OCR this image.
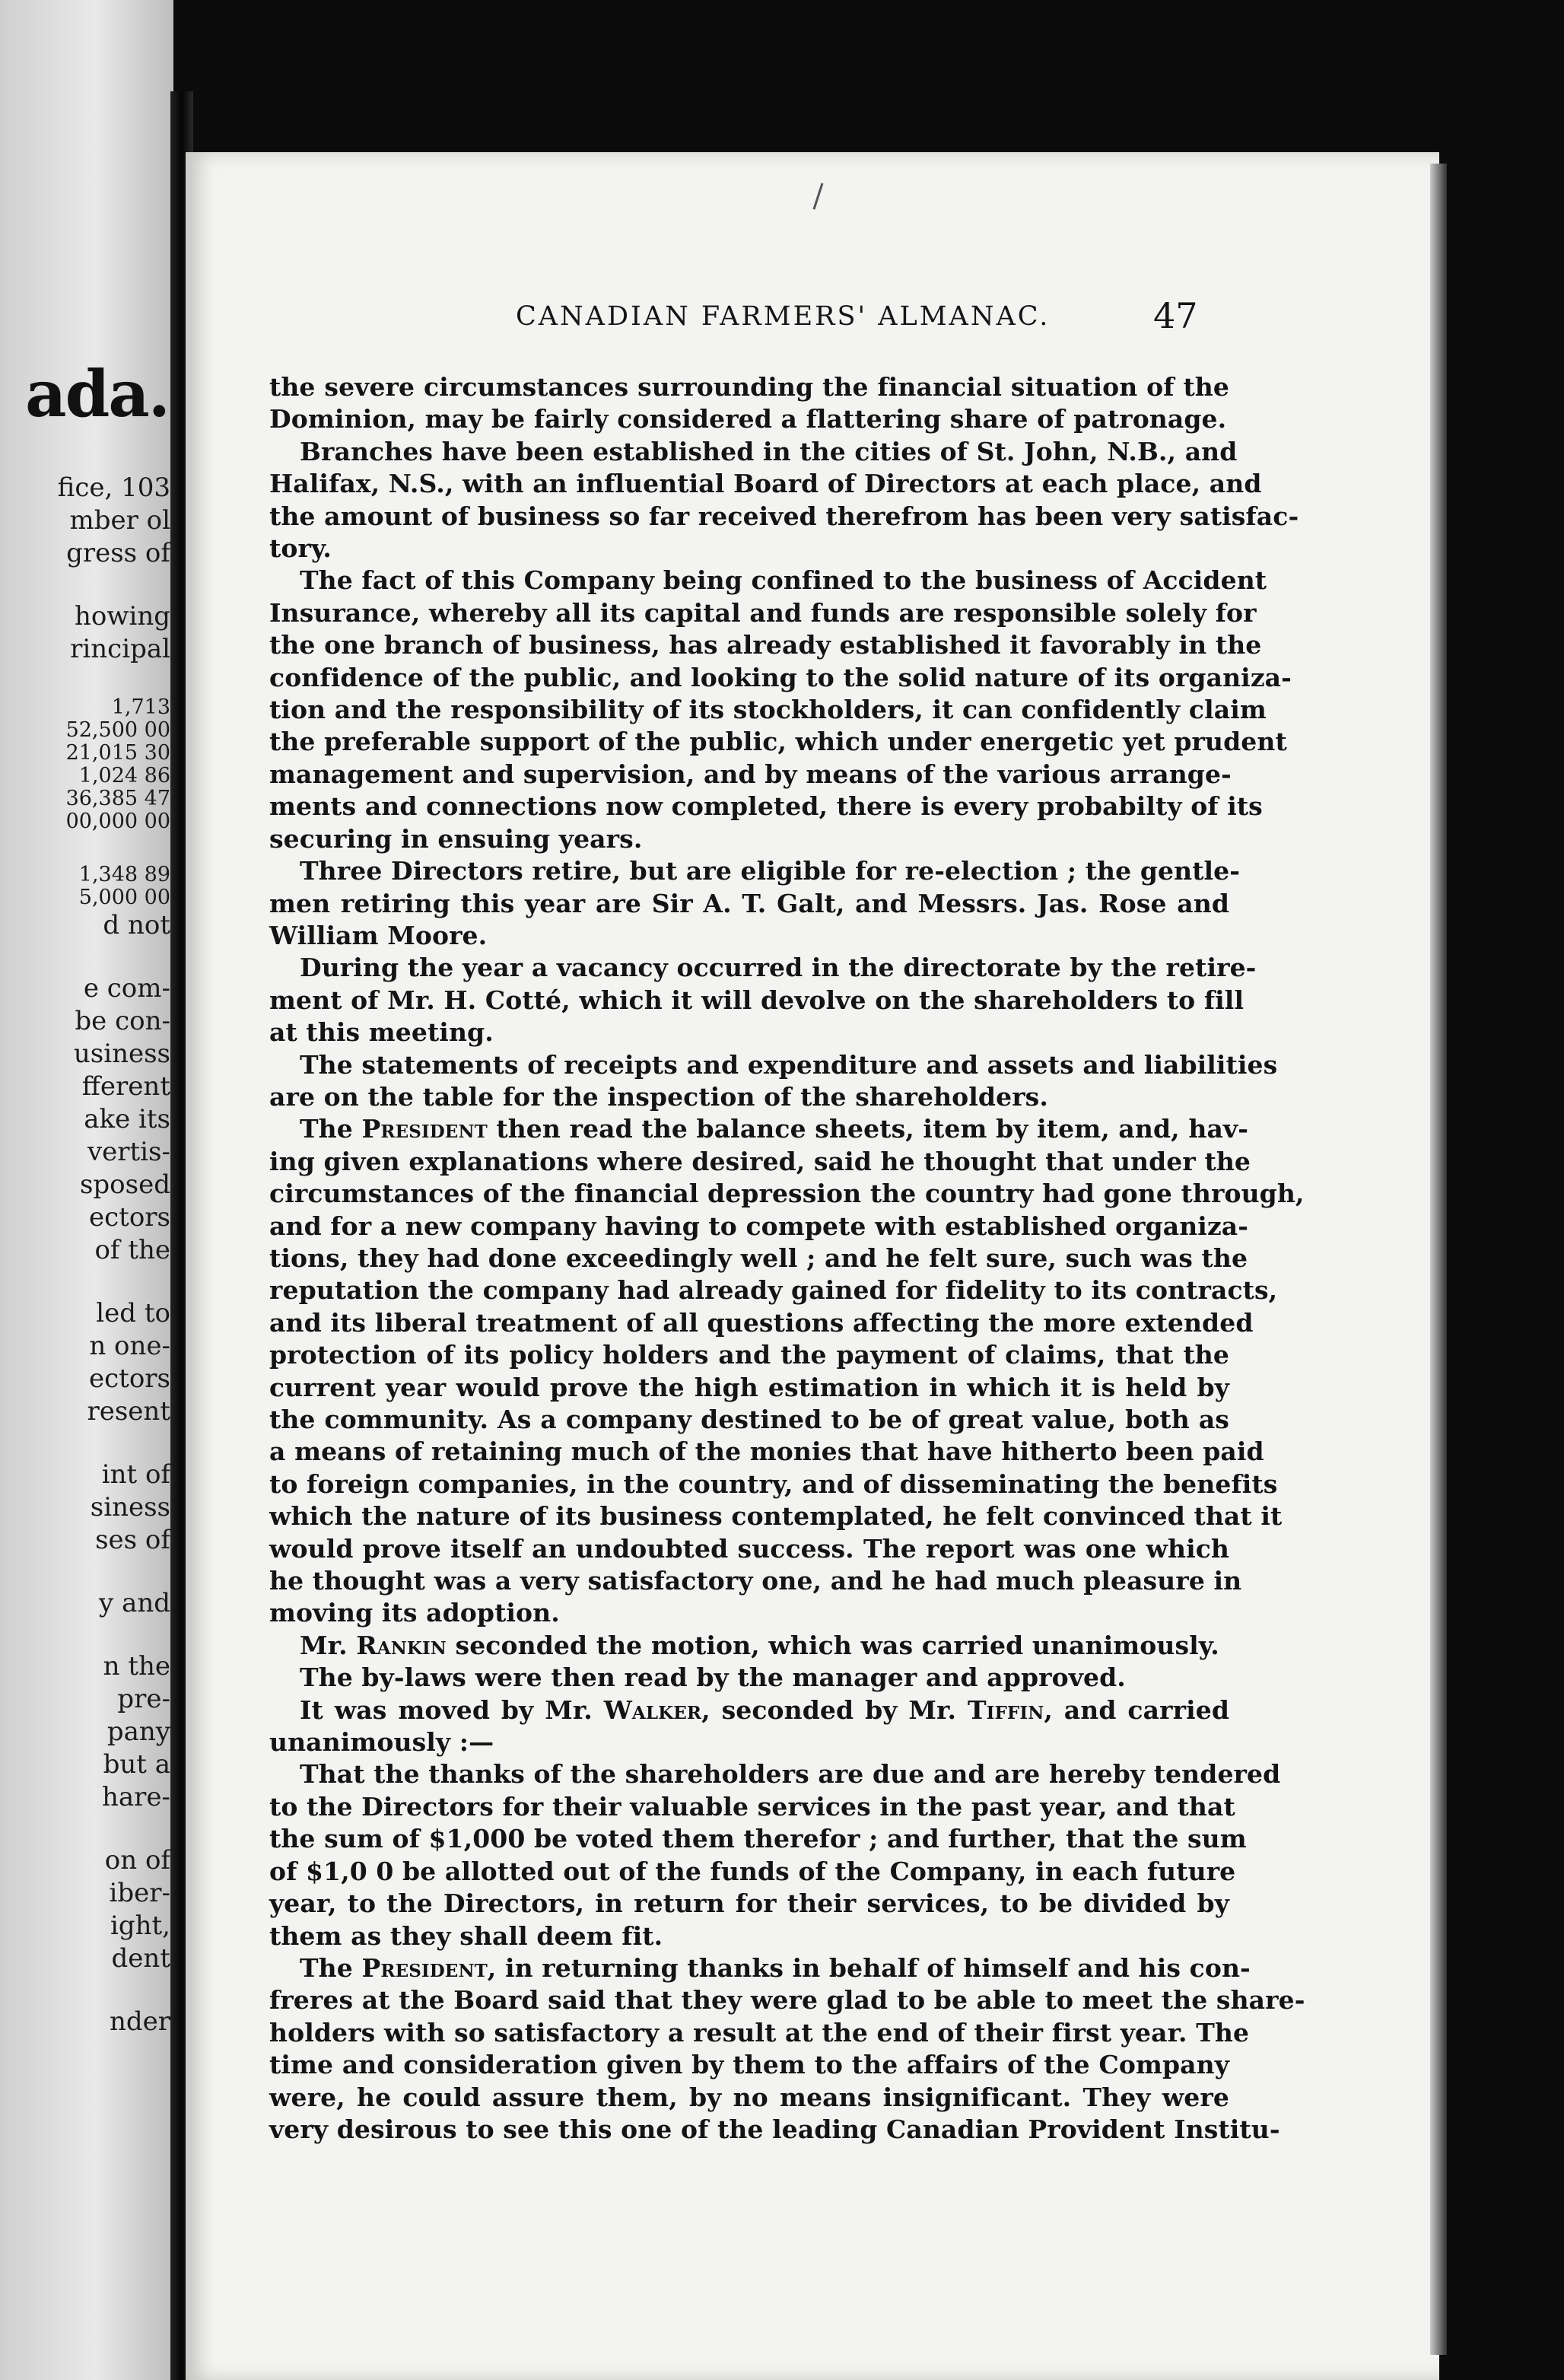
ada.
fice, 103
mber ol
gress of
howing
rincipal
1,713
52,500 00
21,015 30
1,024 86
36,385 47
00,000 00
1,348 89
5,000 00
d not
e com-
be con-
usiness
fferent
ake its
vertis-
sposed
ectors
of the
led to
n one-
ectors
resent
int of
siness
ses of
y and
n the
pre-
pany
but a
hare-
on of
iber-
ight,
dent
nder
CANADIAN FARMERS' ALMANAC.	47
the severe circumstances surrounding the financial situation of the
Dominion, may be fairly considered a flattering share of patronage.
Branches have been established in the cities of St. John, N.B., and
Halifax, N.S., with an influential Board of Directors at each place, and
the amount of business so far received therefrom has been very satisfac-
tory.
The fact of this Company being confined to the business of Accident
Insurance, whereby all its capital and funds are responsible solely for
the one branch of business, has already established it favorably in the
confidence of the public, and looking to the solid nature of its organiza-
tion and the responsibility of its stockholders, it can confidently claim
the preferable support of the public, which under energetic yet prudent
management and supervision, and by means of the various arrange-
ments and connections now completed, there is every probabilty of its
securing in ensuing years.
Three Directors retire, but are eligible for re-election ; the gentle-
men retiring this year are Sir A. T. Galt, and Messrs. Jas. Rose and
William Moore.
During the year a vacancy occurred in the directorate by the retire-
ment of Mr. H. Cotté, which it will devolve on the shareholders to fill
at this meeting.
The statements of receipts and expenditure and assets and liabilities
are on the table for the inspection of the shareholders.
The President then read the balance sheets, item by item, and, hav-
ing given explanations where desired, said he thought that under the
circumstances of the financial depression the country had gone through,
and for a new company having to compete with established organiza-
tions, they had done exceedingly well ; and he felt sure, such was the
reputation the company had already gained for fidelity to its contracts,
and its liberal treatment of all questions affecting the more extended
protection of its policy holders and the payment of claims, that the
current year would prove the high estimation in which it is held by
the community. As a company destined to be of great value, both as
a means of retaining much of the monies that have hitherto been paid
to foreign companies, in the country, and of disseminating the benefits
which the nature of its business contemplated, he felt convinced that it
would prove itself an undoubted success. The report was one which
he thought was a very satisfactory one, and he had much pleasure in
moving its adoption.
Mr. Rankin seconded the motion, which was carried unanimously.
The by-laws were then read by the manager and approved.
It was moved by Mr. Walker, seconded by Mr. Tiffin, and carried
unanimously :—
That the thanks of the shareholders are due and are hereby tendered
to the Directors for their valuable services in the past year, and that
the sum of $1,000 be voted them therefor ; and further, that the sum
of $1,0 0 be allotted out of the funds of the Company, in each future
year, to the Directors, in return for their services, to be divided by
them as they shall deem fit.
The President, in returning thanks in behalf of himself and his con-
freres at the Board said that they were glad to be able to meet the share-
holders with so satisfactory a result at the end of their first year. The
time and consideration given by them to the affairs of the Company
were, he could assure them, by no means insignificant. They were
very desirous to see this one of the leading Canadian Provident Institu-
